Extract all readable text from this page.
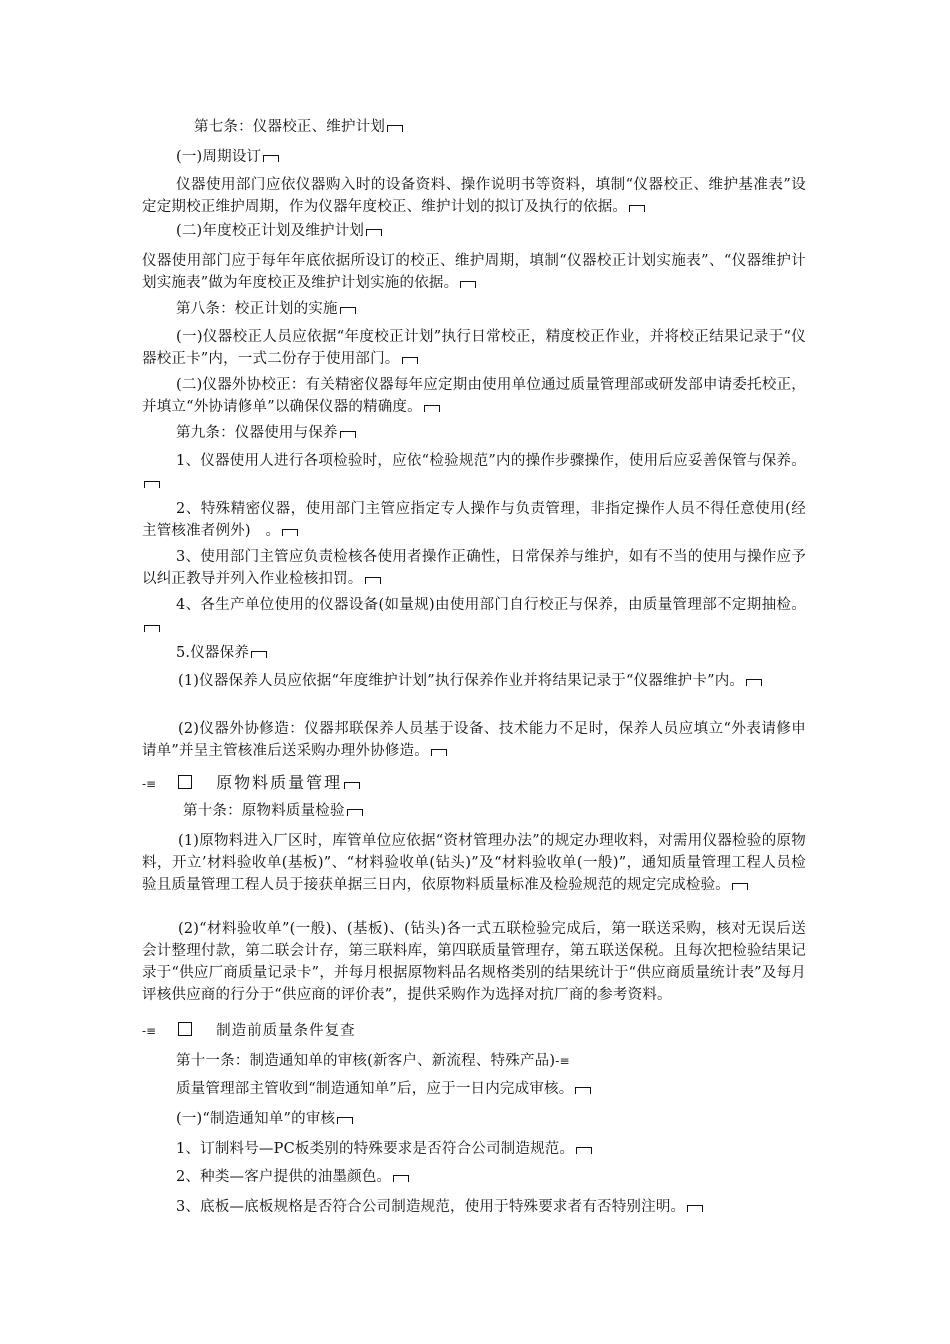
第七条：仪器校正、维护计划

(一)周期设订

仪器使用部门应依仪器购入时的设备资料、操作说明书等资料，填制“仪器校正、维护基准表”设定定期校正维护周期，作为仪器年度校正、维护计划的拟订及执行的依据。

(二)年度校正计划及维护计划

仪器使用部门应于每年年底依据所设订的校正、维护周期，填制“仪器校正计划实施表”、“仪器维护计划实施表”做为年度校正及维护计划实施的依据。

第八条：校正计划的实施

(一)仪器校正人员应依据“年度校正计划”执行日常校正，精度校正作业，并将校正结果记录于“仪器校正卡”内，一式二份存于使用部门。

(二)仪器外协校正：有关精密仪器每年应定期由使用单位通过质量管理部或研发部申请委托校正，并填立“外协请修单”以确保仪器的精确度。

第九条：仪器使用与保养

1、仪器使用人进行各项检验时，应依“检验规范”内的操作步骤操作，使用后应妥善保管与保养。

2、特殊精密仪器，使用部门主管应指定专人操作与负责管理，非指定操作人员不得任意使用(经主管核准者例外)　。

3、使用部门主管应负责检核各使用者操作正确性，日常保养与维护，如有不当的使用与操作应予以纠正教导并列入作业检核扣罚。

4、各生产单位使用的仪器设备(如量规)由使用部门自行校正与保养，由质量管理部不定期抽检。

5.仪器保养

(1)仪器保养人员应依据“年度维护计划”执行保养作业并将结果记录于“仪器维护卡”内。

(2)仪器外协修造：仪器邦联保养人员基于设备、技术能力不足时，保养人员应填立“外表请修申请单”并呈主管核准后送采购办理外协修造。

-≡	原物料质量管理

第十条：原物料质量检验

(1)原物料进入厂区时，库管单位应依据“资材管理办法”的规定办理收料，对需用仪器检验的原物料，开立’材料验收单(基板)”、“材料验收单(钻头)”及“材料验收单(一般)”，通知质量管理工程人员检验且质量管理工程人员于接获单据三日内，依原物料质量标准及检验规范的规定完成检验。

(2)“材料验收单”(一般)、(基板)、(钻头)各一式五联检验完成后，第一联送采购，核对无误后送会计整理付款，第二联会计存，第三联料库，第四联质量管理存，第五联送保税。且每次把检验结果记录于“供应厂商质量记录卡”，并每月根据原物料品名规格类别的结果统计于“供应商质量统计表”及每月评核供应商的行分于“供应商的评价表”，提供采购作为选择对抗厂商的参考资料。

-≡	制造前质量条件复查

第十一条：制造通知单的审核(新客户、新流程、特殊产品)-≡

质量管理部主管收到“制造通知单”后，应于一日内完成审核。

(一)“制造通知单”的审核

1、订制料号—PC板类别的特殊要求是否符合公司制造规范。

2、种类—客户提供的油墨颜色。

3、底板—底板规格是否符合公司制造规范，使用于特殊要求者有否特别注明。
